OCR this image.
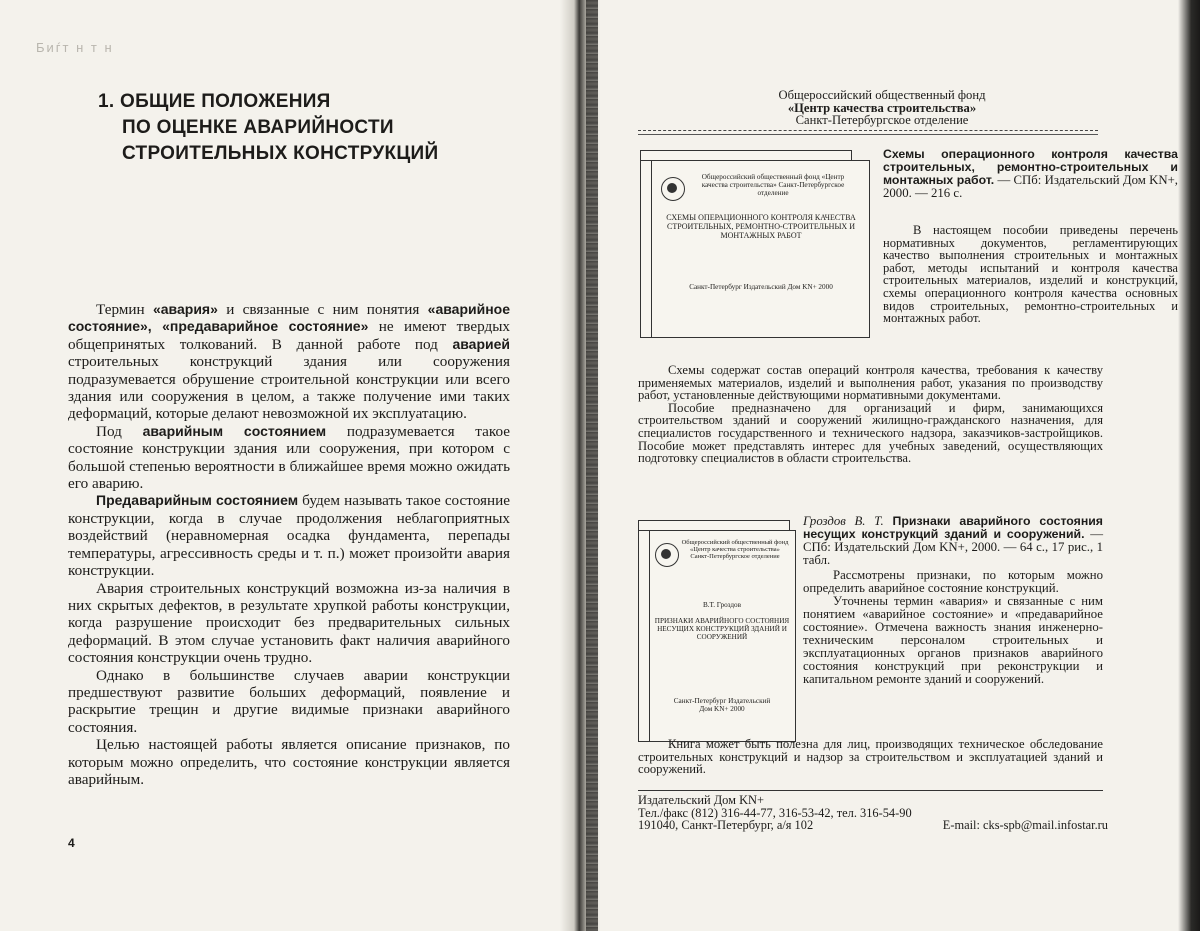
Биѓт н т н
1. ОБЩИЕ ПОЛОЖЕНИЯ
ПО ОЦЕНКЕ АВАРИЙНОСТИ
СТРОИТЕЛЬНЫХ КОНСТРУКЦИЙ

Термин «авария» и связанные с ним понятия «аварийное состояние», «предаварийное состояние» не имеют твердых общепринятых толкований. В данной работе под аварией строительных конструкций здания или сооружения подразумевается обрушение строительной конструкции или всего здания или сооружения в целом, а также получение ими таких деформаций, которые делают невозможной их эксплуатацию.

Под аварийным состоянием подразумевается такое состояние конструкции здания или сооружения, при котором с большой степенью вероятности в ближайшее время можно ожидать его аварию.

Предаварийным состоянием будем называть такое состояние конструкции, когда в случае продолжения неблагоприятных воздействий (неравномерная осадка фундамента, перепады температуры, агрессивность среды и т. п.) может произойти авария конструкции.

Авария строительных конструкций возможна из-за наличия в них скрытых дефектов, в результате хрупкой работы конструкции, когда разрушение происходит без предварительных сильных деформаций. В этом случае установить факт наличия аварийного состояния конструкции очень трудно.

Однако в большинстве случаев аварии конструкции предшествуют развитие больших деформаций, появление и раскрытие трещин и другие видимые признаки аварийного состояния.

Целью настоящей работы является описание признаков, по которым можно определить, что состояние конструкции является аварийным.

4
Общероссийский общественный фонд
«Центр качества строительства»
Санкт-Петербургское отделение
Общероссийский общественный фонд «Центр качества строительства» Санкт-Петербургское отделение
СХЕМЫ ОПЕРАЦИОННОГО КОНТРОЛЯ КАЧЕСТВА СТРОИТЕЛЬНЫХ, РЕМОНТНО-СТРОИТЕЛЬНЫХ И МОНТАЖНЫХ РАБОТ
Санкт-Петербург Издательский Дом KN+ 2000

Схемы операционного контроля качества строительных, ремонтно-строительных и монтажных работ. — СПб: Издательский Дом KN+, 2000. — 216 с.

В настоящем пособии приведены перечень нормативных документов, регламентирующих качество выполнения строительных и монтажных работ, методы испытаний и контроля качества строительных материалов, изделий и конструкций, схемы операционного контроля качества основных видов строительных, ремонтно-строительных и монтажных работ.

Схемы содержат состав операций контроля качества, требования к качеству применяемых материалов, изделий и выполнения работ, указания по производству работ, установленные действующими нормативными документами.

Пособие предназначено для организаций и фирм, занимающихся строительством зданий и сооружений жилищно-гражданского назначения, для специалистов государственного и технического надзора, заказчиков-застройщиков. Пособие может представлять интерес для учебных заведений, осуществляющих подготовку специалистов в области строительства.

Общероссийский общественный фонд «Центр качества строительства» Санкт-Петербургское отделение
В.Т. Гроздов
ПРИЗНАКИ АВАРИЙНОГО СОСТОЯНИЯ НЕСУЩИХ КОНСТРУКЦИЙ ЗДАНИЙ И СООРУЖЕНИЙ
Санкт-Петербург Издательский Дом KN+ 2000

Гроздов В. Т. Признаки аварийного состояния несущих конструкций зданий и сооружений. — СПб: Издательский Дом KN+, 2000. — 64 с., 17 рис., 1 табл.

Рассмотрены признаки, по которым можно определить аварийное состояние конструкций.

Уточнены термин «авария» и связанные с ним понятием «аварийное состояние» и «предаварийное состояние». Отмечена важность знания инженерно-техническим персоналом строительных и эксплуатационных органов признаков аварийного состояния конструкций при реконструкции и капитальном ремонте зданий и сооружений.

Книга может быть полезна для лиц, производящих техническое обследование строительных конструкций и надзор за строительством и эксплуатацией зданий и сооружений.

Издательский Дом KN+
Тел./факс (812) 316-44-77, 316-53-42, тел. 316-54-90
191040, Санкт-Петербург, а/я 102	E-mail: cks-spb@mail.infostar.ru
